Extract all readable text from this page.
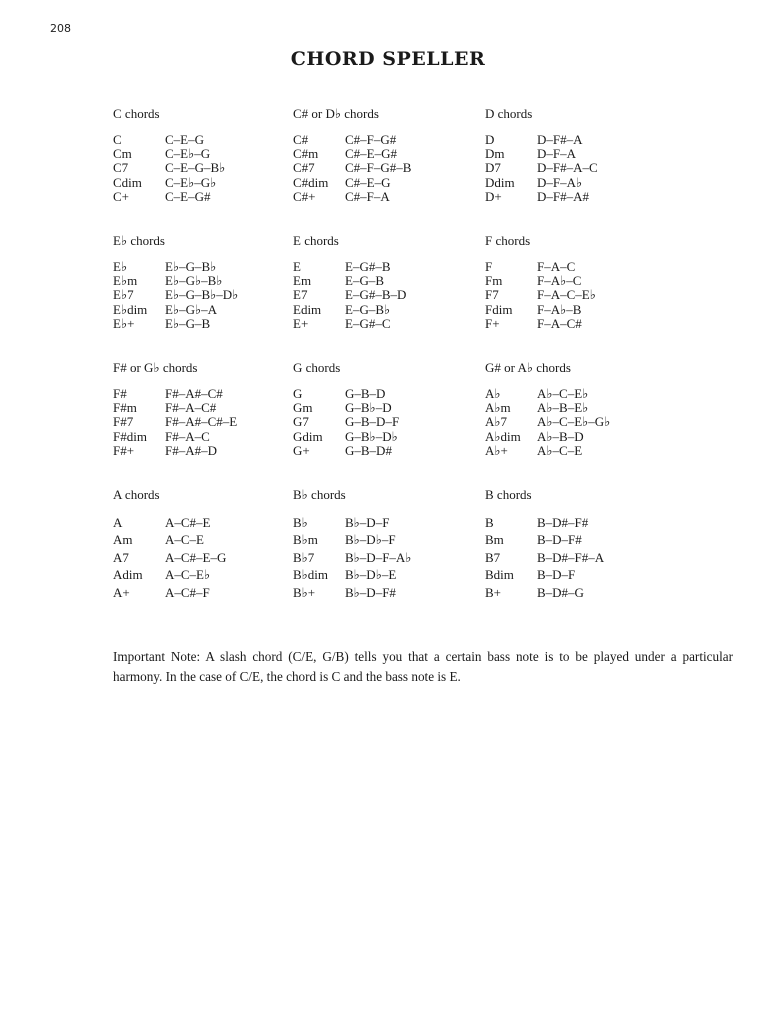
208
CHORD SPELLER
C chords
C	C–E–G
Cm	C–E♭–G
C7	C–E–G–B♭
Cdim	C–E♭–G♭
C+	C–E–G#
C# or D♭ chords
C#	C#–F–G#
C#m	C#–E–G#
C#7	C#–F–G#–B
C#dim	C#–E–G
C#+	C#–F–A
D chords
D	D–F#–A
Dm	D–F–A
D7	D–F#–A–C
Ddim	D–F–A♭
D+	D–F#–A#
E♭ chords
E♭	E♭–G–B♭
E♭m	E♭–G♭–B♭
E♭7	E♭–G–B♭–D♭
E♭dim	E♭–G♭–A
E♭+	E♭–G–B
E chords
E	E–G#–B
Em	E–G–B
E7	E–G#–B–D
Edim	E–G–B♭
E+	E–G#–C
F chords
F	F–A–C
Fm	F–A♭–C
F7	F–A–C–E♭
Fdim	F–A♭–B
F+	F–A–C#
F# or G♭ chords
F#	F#–A#–C#
F#m	F#–A–C#
F#7	F#–A#–C#–E
F#dim	F#–A–C
F#+	F#–A#–D
G chords
G	G–B–D
Gm	G–B♭–D
G7	G–B–D–F
Gdim	G–B♭–D♭
G+	G–B–D#
G# or A♭ chords
A♭	A♭–C–E♭
A♭m	A♭–B–E♭
A♭7	A♭–C–E♭–G♭
A♭dim	A♭–B–D
A♭+	A♭–C–E
A chords
A	A–C#–E
Am	A–C–E
A7	A–C#–E–G
Adim	A–C–E♭
A+	A–C#–F
B♭ chords
B♭	B♭–D–F
B♭m	B♭–D♭–F
B♭7	B♭–D–F–A♭
B♭dim	B♭–D♭–E
B♭+	B♭–D–F#
B chords
B	B–D#–F#
Bm	B–D–F#
B7	B–D#–F#–A
Bdim	B–D–F
B+	B–D#–G

Important Note: A slash chord (C/E, G/B) tells you that a certain bass note is to be played under a particular harmony. In the case of C/E, the chord is C and the bass note is E.
